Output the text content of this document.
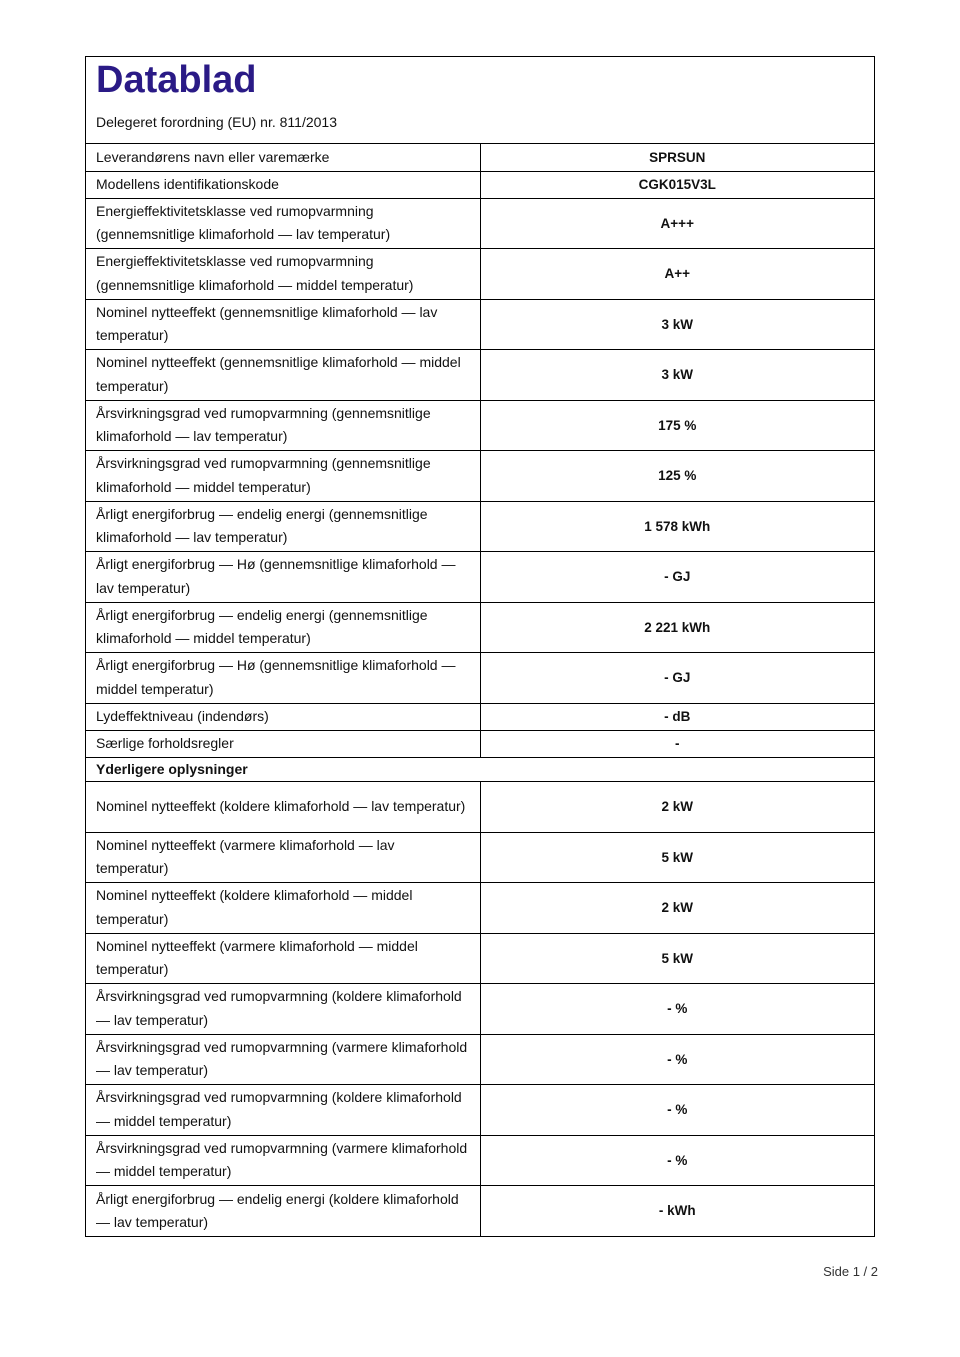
Datablad
Delegeret forordning (EU) nr. 811/2013
Leverandørens navn eller varemærke	SPRSUN
Modellens identifikationskode	CGK015V3L
Energieffektivitetsklasse ved rumopvarmning (gennemsnitlige klimaforhold — lav temperatur)	A+++
Energieffektivitetsklasse ved rumopvarmning (gennemsnitlige klimaforhold — middel temperatur)	A++
Nominel nytteeffekt (gennemsnitlige klimaforhold — lav temperatur)	3 kW
Nominel nytteeffekt (gennemsnitlige klimaforhold — middel temperatur)	3 kW
Årsvirkningsgrad ved rumopvarmning (gennemsnitlige klimaforhold — lav temperatur)	175 %
Årsvirkningsgrad ved rumopvarmning (gennemsnitlige klimaforhold — middel temperatur)	125 %
Årligt energiforbrug — endelig energi (gennemsnitlige klimaforhold — lav temperatur)	1 578 kWh
Årligt energiforbrug — Hø (gennemsnitlige klimaforhold — lav temperatur)	- GJ
Årligt energiforbrug — endelig energi (gennemsnitlige klimaforhold — middel temperatur)	2 221 kWh
Årligt energiforbrug — Hø (gennemsnitlige klimaforhold — middel temperatur)	- GJ
Lydeffektniveau (indendørs)	- dB
Særlige forholdsregler	-
Yderligere oplysninger	
Nominel nytteeffekt (koldere klimaforhold — lav temperatur)	2 kW
Nominel nytteeffekt (varmere klimaforhold — lav temperatur)	5 kW
Nominel nytteeffekt (koldere klimaforhold — middel temperatur)	2 kW
Nominel nytteeffekt (varmere klimaforhold — middel temperatur)	5 kW
Årsvirkningsgrad ved rumopvarmning (koldere klimaforhold — lav temperatur)	- %
Årsvirkningsgrad ved rumopvarmning (varmere klimaforhold — lav temperatur)	- %
Årsvirkningsgrad ved rumopvarmning (koldere klimaforhold — middel temperatur)	- %
Årsvirkningsgrad ved rumopvarmning (varmere klimaforhold — middel temperatur)	- %
Årligt energiforbrug — endelig energi (koldere klimaforhold — lav temperatur)	- kWh
Side 1 / 2
